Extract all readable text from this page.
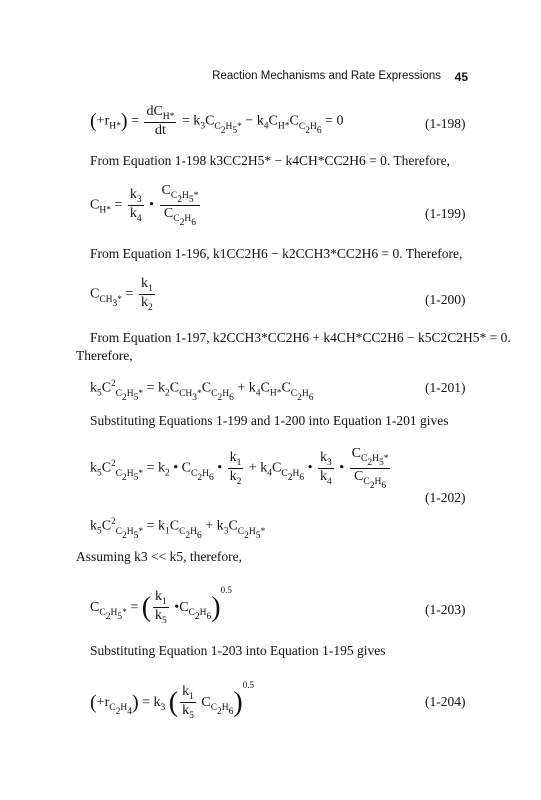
Reaction Mechanisms and Rate Expressions 45
$(+r_{H*}) = \frac{dC_{H*}}{dt} = k_3C_{C_2H_5*} - k_4C_{H*}C_{C_2H_6} = 0$	(1-198)
From Equation 1-198 k3CC2H5* − k4CH*CC2H6 = 0. Therefore,
$C_{H*} = \frac{k_3}{k_4}$ • $\frac{C_{C_2H_5*}}{C_{C_2H_6}}$	(1-199)
From Equation 1-196, k1CC2H6 − k2CCH3*CC2H6 = 0. Therefore,
$C_{CH_3*} = \frac{k_1}{k_2}$	(1-200)
From Equation 1-197, k2CCH3*CC2H6 + k4CH*CC2H6 − k5C2C2H5* = 0.
Therefore,
$k_5C^2_{C_2H_5*} = k_2C_{CH_3*}C_{C_2H_6} + k_4C_{H*}C_{C_2H_6}$
(1-201)
Substituting Equations 1-199 and 1-200 into Equation 1-201 gives
$k_5C^2_{C_2H_5*} = k_2$ • $C_{C_2H_6}$ • $\frac{k_1}{k_2} + k_4C_{C_2H_6}$ • $\frac{k_3}{k_4}$ • $\frac{C_{C_2H_5*}}{C_{C_2H_6}}$
(1-202)
$k_5C^2_{C_2H_5*} = k_1C_{C_2H_6} + k_3C_{C_2H_5*}$
Assuming k3 << k5, therefore,
$C_{C_2H_5*}$ = ( $\frac{k_1}{k_5}$ $•C_{C_2H_6})^{0.5}$
(1-203)
Substituting Equation 1-203 into Equation 1-195 gives
$(+r_{C_2H_4}) = k_3$ ( $\frac{k_1}{k_5} C_{C_2H_6})^{0.5}$
(1-204)
